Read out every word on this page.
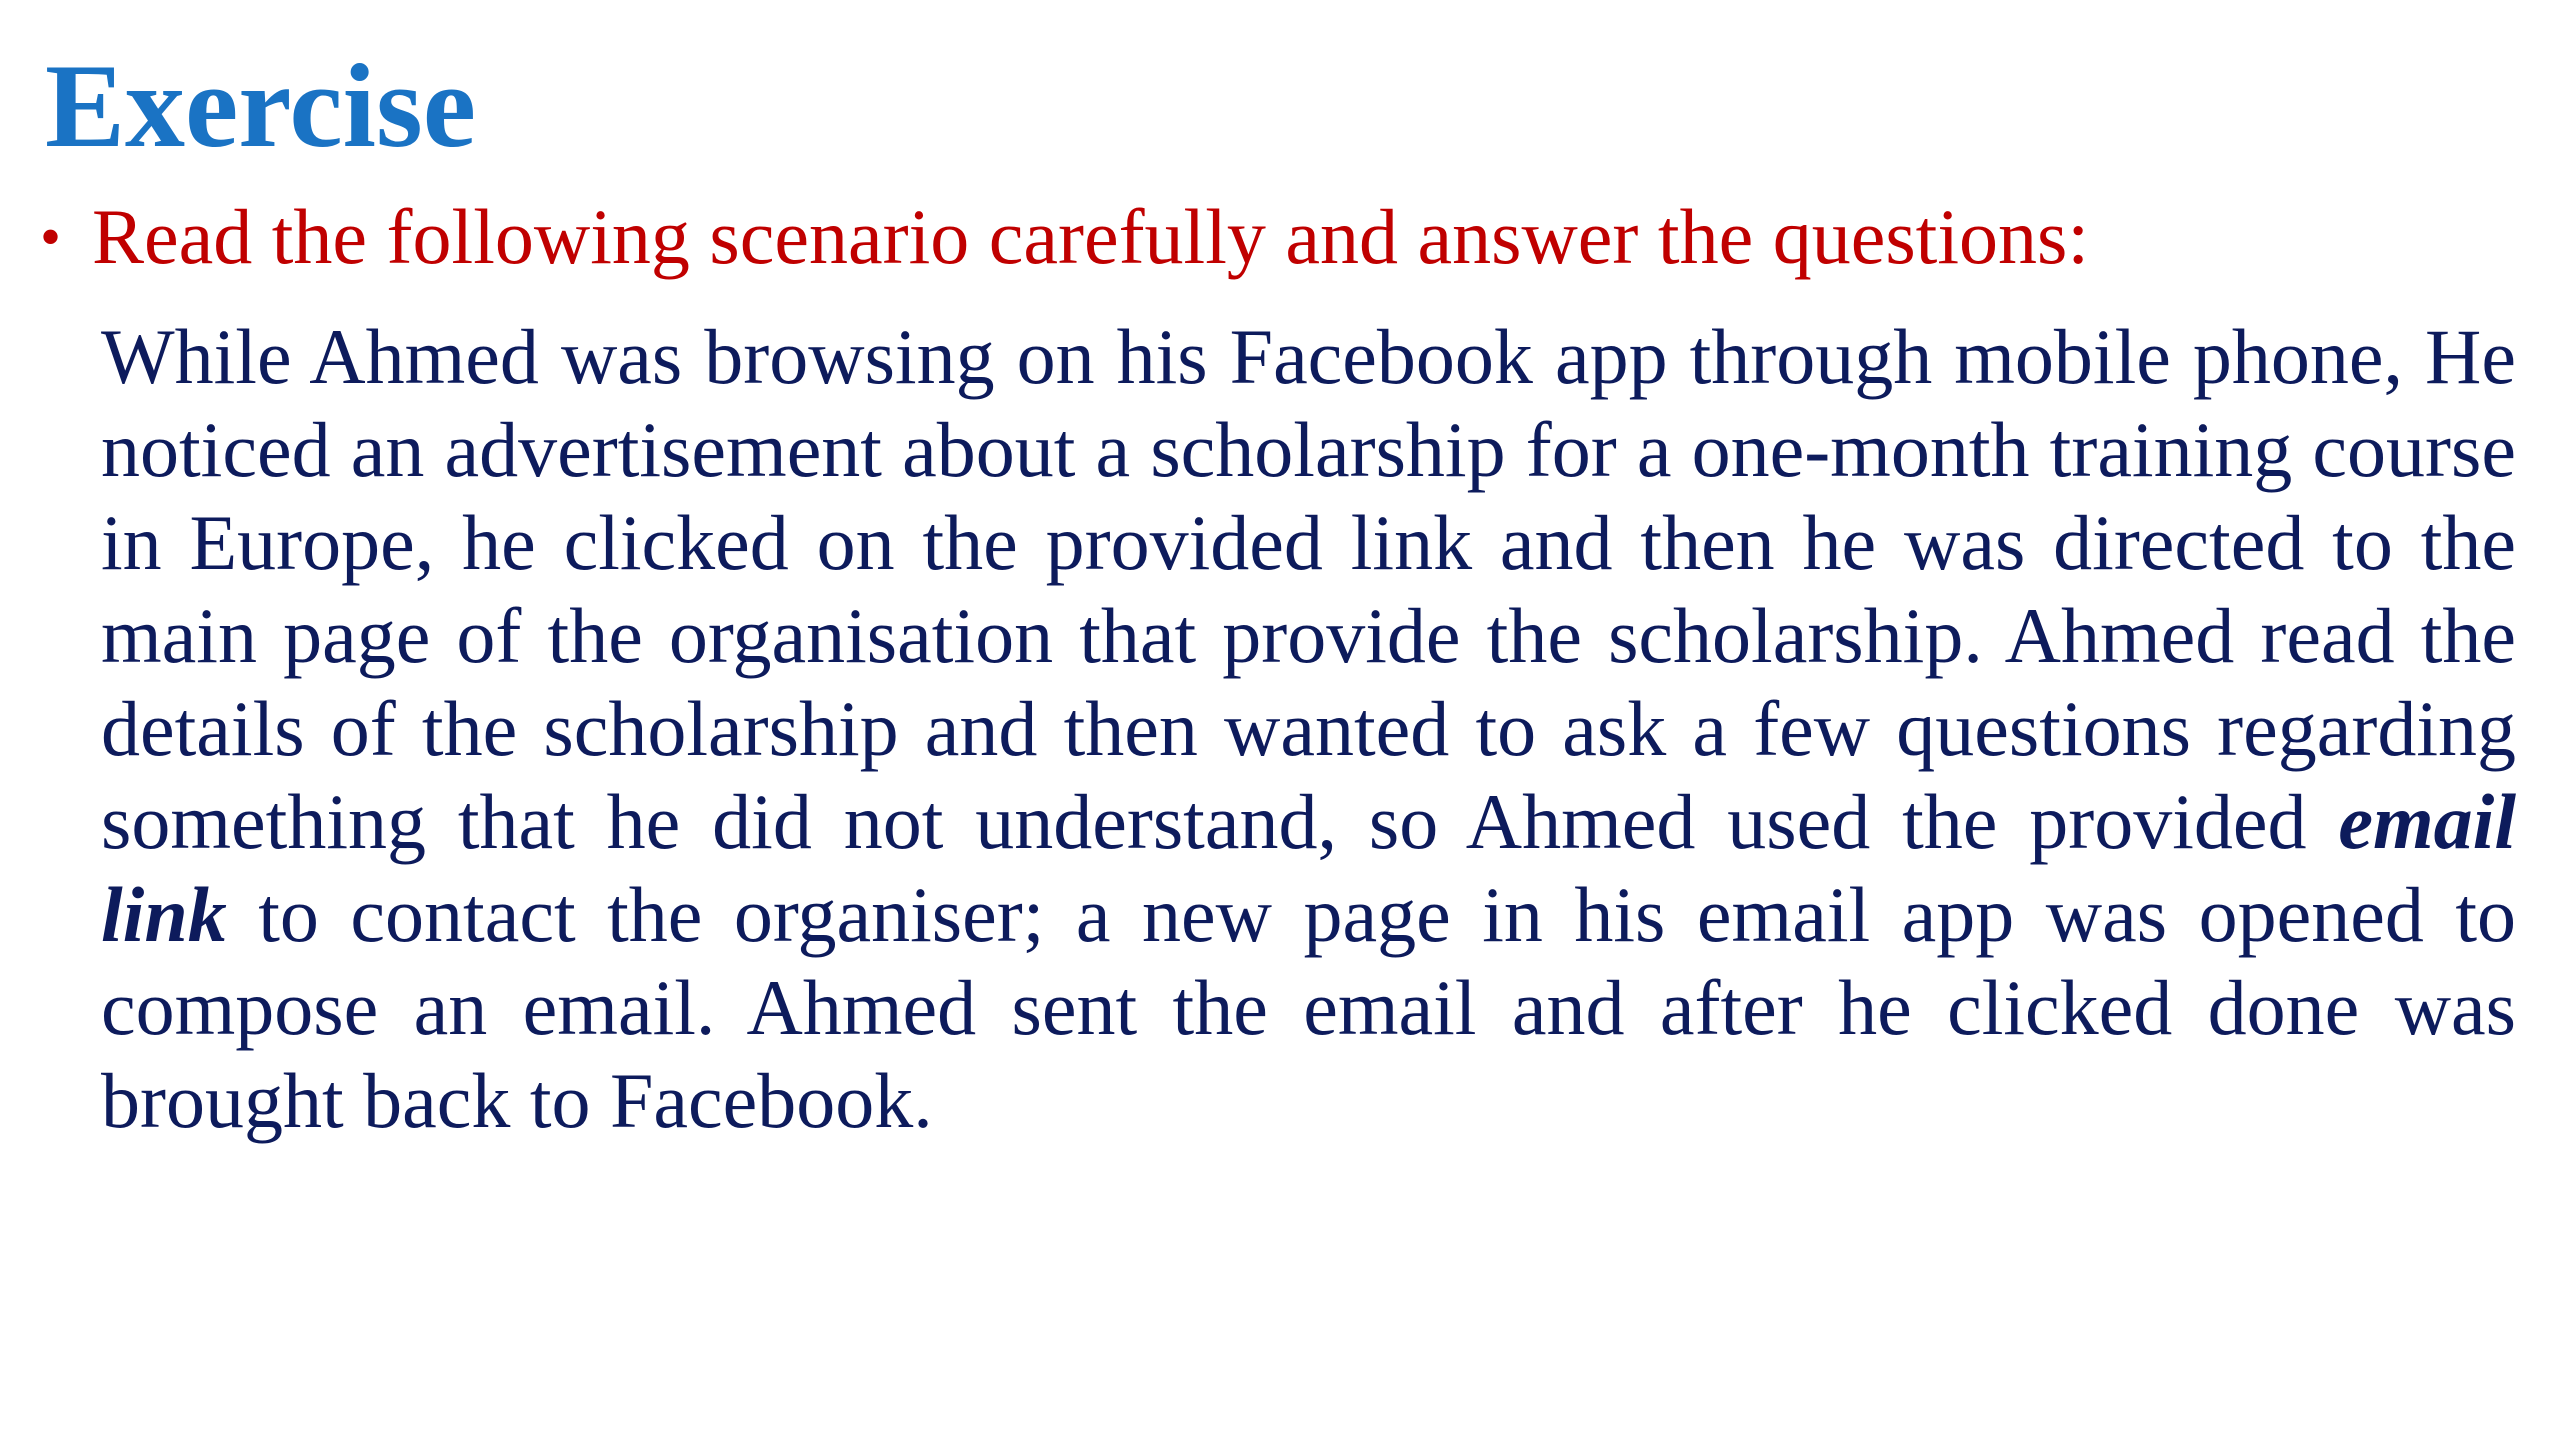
Exercise
• Read the following scenario carefully and answer the questions:

While Ahmed was browsing on his Facebook app through mobile phone, He noticed an advertisement about a scholarship for a one-month training course in Europe, he clicked on the provided link and then he was directed to the main page of the organisation that provide the scholarship. Ahmed read the details of the scholarship and then wanted to ask a few questions regarding something that he did not understand, so Ahmed used the provided email link to contact the organiser; a new page in his email app was opened to compose an email. Ahmed sent the email and after he clicked done was brought back to Facebook.
